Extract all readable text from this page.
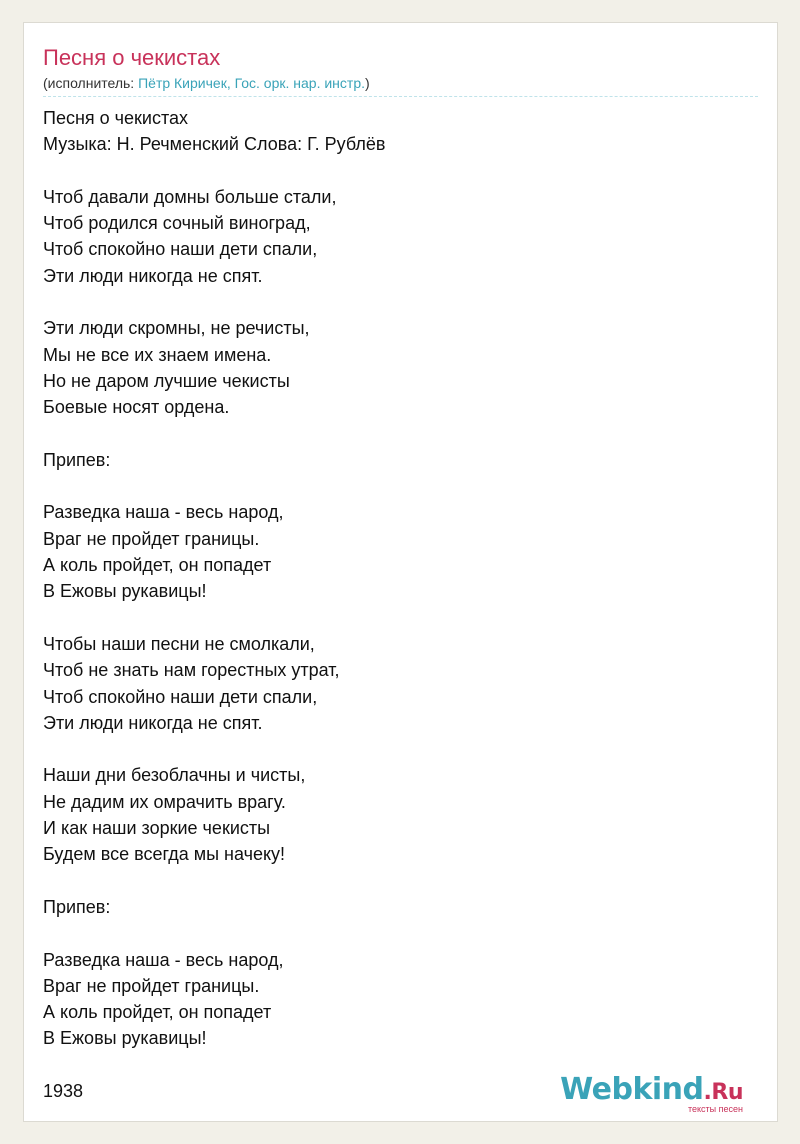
Песня о чекистах
(исполнитель: Пётр Киричек, Гос. орк. нар. инстр.)
Песня о чекистах
Музыка: Н. Речменский Слова: Г. Рублёв
Чтоб давали домны больше стали,
Чтоб родился сочный виноград,
Чтоб спокойно наши дети спали,
Эти люди никогда не спят.
Эти люди скромны, не речисты,
Мы не все их знаем имена.
Но не даром лучшие чекисты
Боевые носят ордена.
Припев:
Разведка наша - весь народ,
Враг не пройдет границы.
А коль пройдет, он попадет
В Ежовы рукавицы!
Чтобы наши песни не смолкали,
Чтоб не знать нам горестных утрат,
Чтоб спокойно наши дети спали,
Эти люди никогда не спят.
Наши дни безоблачны и чисты,
Не дадим их омрачить врагу.
И как наши зоркие чекисты
Будем все всегда мы начеку!
Припев:
Разведка наша - весь народ,
Враг не пройдет границы.
А коль пройдет, он попадет
В Ежовы рукавицы!
1938	Webkind.Ru
тексты песен
